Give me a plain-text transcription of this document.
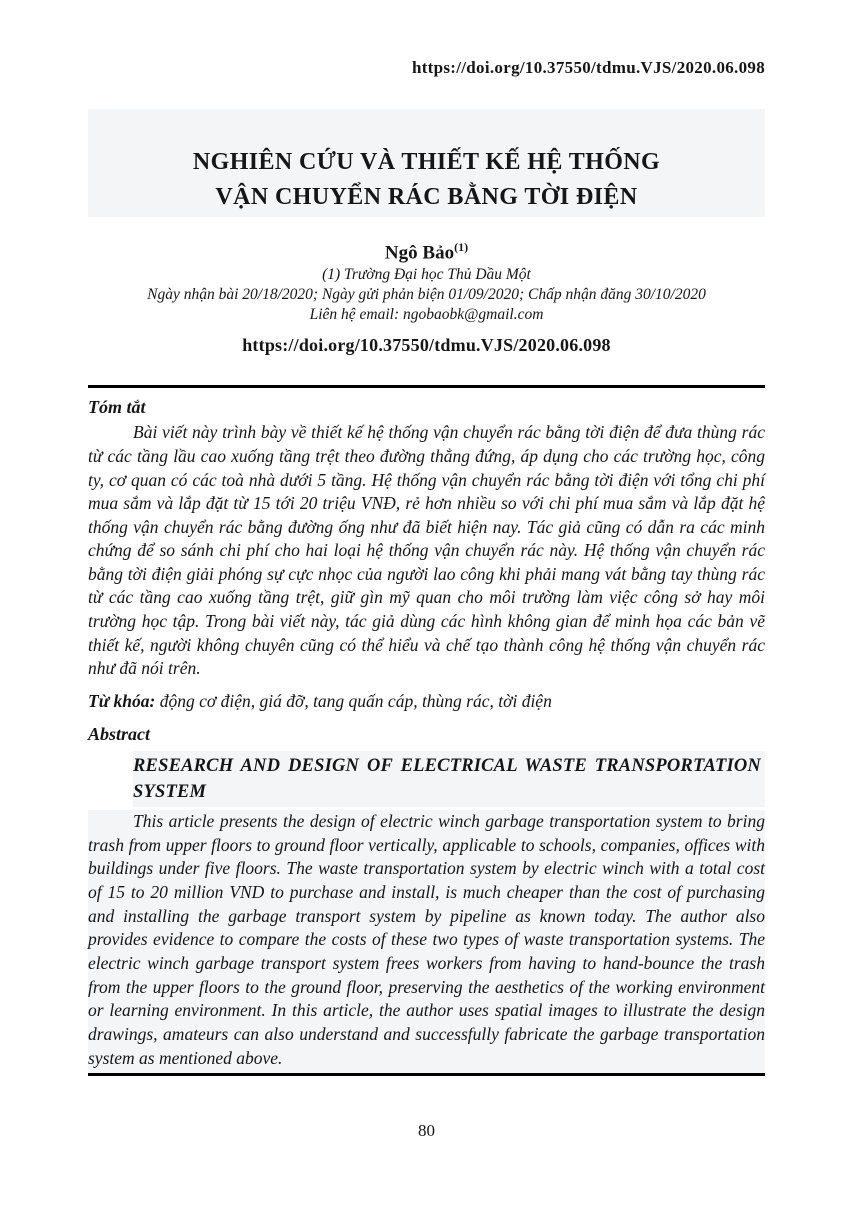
https://doi.org/10.37550/tdmu.VJS/2020.06.098
NGHIÊN CỨU VÀ THIẾT KẾ HỆ THỐNG
VẬN CHUYỂN RÁC BẰNG TỜI ĐIỆN
Ngô Bảo$^{(1)}$
(1) Trường Đại học Thủ Dầu Một
Ngày nhận bài 20/18/2020; Ngày gửi phản biện 01/09/2020; Chấp nhận đăng 30/10/2020
Liên hệ email: ngobaobk@gmail.com
https://doi.org/10.37550/tdmu.VJS/2020.06.098
Tóm tắt
Bài viết này trình bày về thiết kế hệ thống vận chuyển rác bằng tời điện để đưa thùng rác từ các tầng lầu cao xuống tầng trệt theo đường thẳng đứng, áp dụng cho các trường học, công ty, cơ quan có các toà nhà dưới 5 tầng. Hệ thống vận chuyển rác bằng tời điện với tổng chi phí mua sắm và lắp đặt từ 15 tới 20 triệu VNĐ, rẻ hơn nhiều so với chi phí mua sắm và lắp đặt hệ thống vận chuyển rác bằng đường ống như đã biết hiện nay. Tác giả cũng có dẫn ra các minh chứng để so sánh chi phí cho hai loại hệ thống vận chuyển rác này. Hệ thống vận chuyển rác bằng tời điện giải phóng sự cực nhọc của người lao công khi phải mang vát bằng tay thùng rác từ các tầng cao xuống tầng trệt, giữ gìn mỹ quan cho môi trường làm việc công sở hay môi trường học tập. Trong bài viết này, tác giả dùng các hình không gian để minh họa các bản vẽ thiết kế, người không chuyên cũng có thể hiểu và chế tạo thành công hệ thống vận chuyển rác như đã nói trên.
Từ khóa: động cơ điện, giá đỡ, tang quấn cáp, thùng rác, tời điện
Abstract
RESEARCH AND DESIGN OF ELECTRICAL WASTE TRANSPORTATION SYSTEM
This article presents the design of electric winch garbage transportation system to bring trash from upper floors to ground floor vertically, applicable to schools, companies, offices with buildings under five floors. The waste transportation system by electric winch with a total cost of 15 to 20 million VND to purchase and install, is much cheaper than the cost of purchasing and installing the garbage transport system by pipeline as known today. The author also provides evidence to compare the costs of these two types of waste transportation systems. The electric winch garbage transport system frees workers from having to hand-bounce the trash from the upper floors to the ground floor, preserving the aesthetics of the working environment or learning environment. In this article, the author uses spatial images to illustrate the design drawings, amateurs can also understand and successfully fabricate the garbage transportation system as mentioned above.
80
